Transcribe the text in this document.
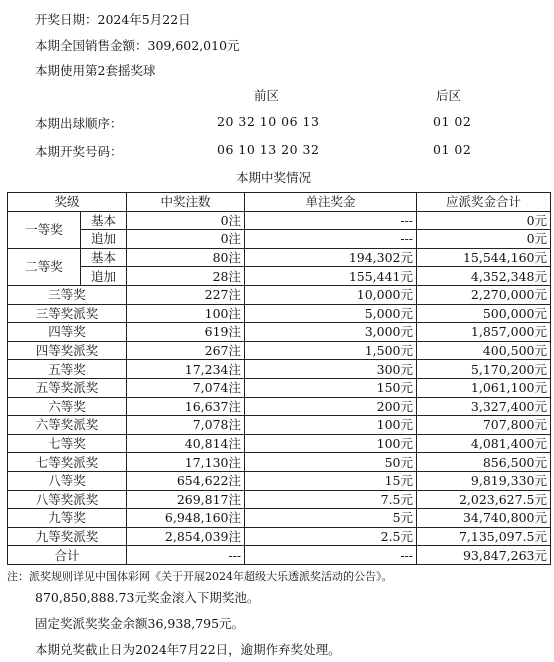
开奖日期：2024年5月22日
本期全国销售金额：309,602,010元
本期使用第2套摇奖球
前区	后区
本期出球顺序：	20 32 10 06 13	01 02
本期开奖号码：	06 10 13 20 32	01 02
本期中奖情况
奖级		中奖注数	单注奖金	应派奖金合计
一等奖	基本	0注	---	0元
	追加	0注	---	0元
二等奖	基本	80注	194,302元	15,544,160元
	追加	28注	155,441元	4,352,348元
三等奖		227注	10,000元	2,270,000元
三等奖派奖		100注	5,000元	500,000元
四等奖		619注	3,000元	1,857,000元
四等奖派奖		267注	1,500元	400,500元
五等奖		17,234注	300元	5,170,200元
五等奖派奖		7,074注	150元	1,061,100元
六等奖		16,637注	200元	3,327,400元
六等奖派奖		7,078注	100元	707,800元
七等奖		40,814注	100元	4,081,400元
七等奖派奖		17,130注	50元	856,500元
八等奖		654,622注	15元	9,819,330元
八等奖派奖		269,817注	7.5元	2,023,627.5元
九等奖		6,948,160注	5元	34,740,800元
九等奖派奖		2,854,039注	2.5元	7,135,097.5元
合计		---	---	93,847,263元
注：派奖规则详见中国体彩网《关于开展2024年超级大乐透派奖活动的公告》。
870,850,888.73元奖金滚入下期奖池。
固定奖派奖奖金余额36,938,795元。
本期兑奖截止日为2024年7月22日，逾期作弃奖处理。
